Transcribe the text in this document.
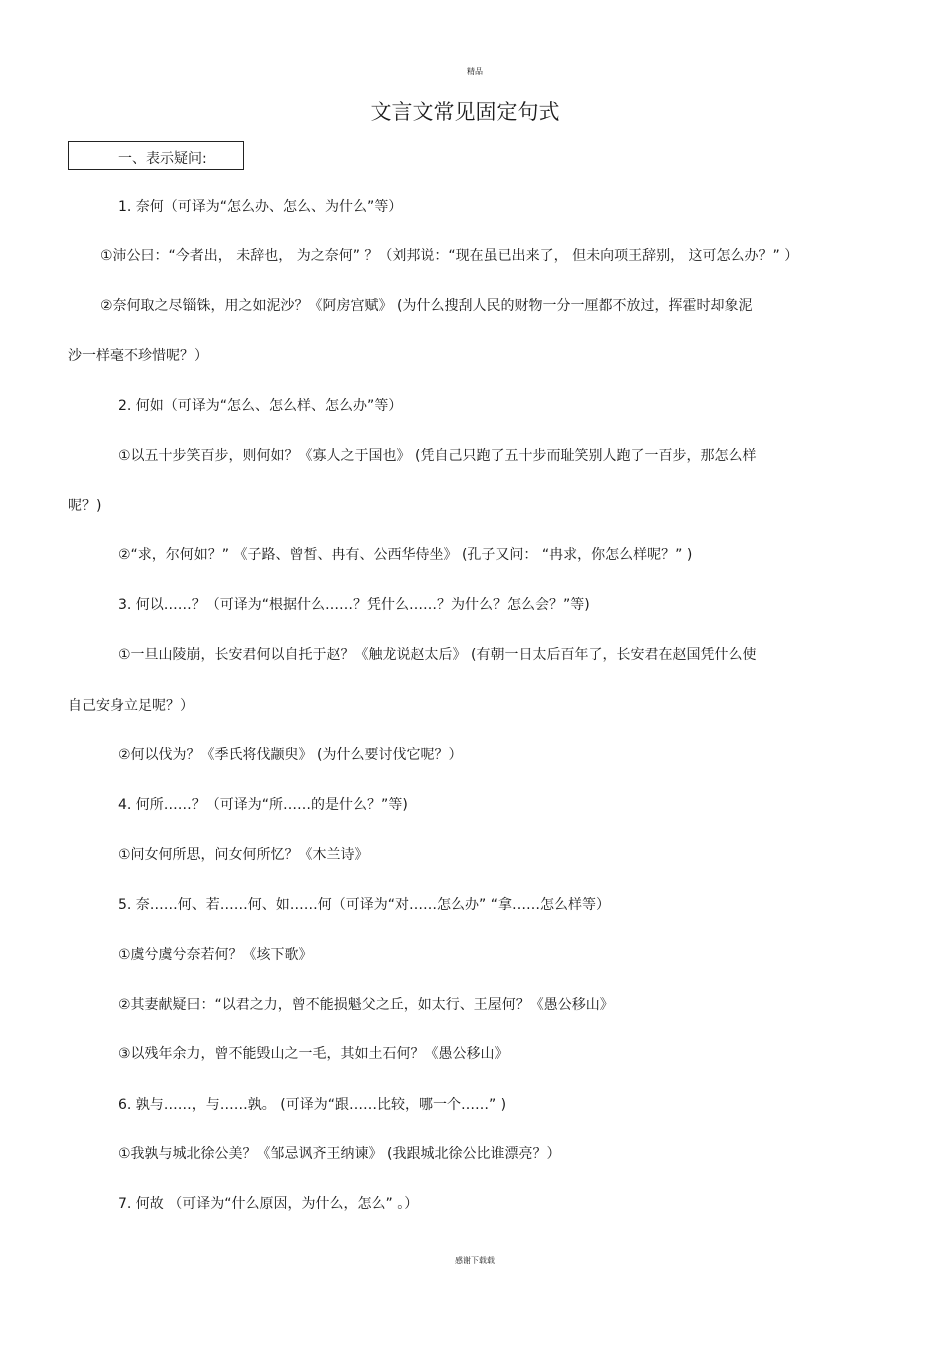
精品
文言文常见固定句式
一、表示疑问:
1. 奈何（可译为“怎么办、怎么、为什么”等）
①沛公曰：“今者出， 未辞也， 为之奈何” ？（刘邦说：“现在虽已出来了， 但未向项王辞别， 这可怎么办？” ）
②奈何取之尽锱铢，用之如泥沙？《阿房宫赋》 (为什么搜刮人民的财物一分一厘都不放过，挥霍时却象泥
沙一样毫不珍惜呢？）
2. 何如（可译为“怎么、怎么样、怎么办”等）
①以五十步笑百步，则何如？《寡人之于国也》 (凭自己只跑了五十步而耻笑别人跑了一百步，那怎么样
呢？)
②“求，尔何如？” 《子路、曾皙、冉有、公西华侍坐》 (孔子又问： “冉求，你怎么样呢？” )
3. 何以……？（可译为“根据什么……？凭什么……？为什么？怎么会？”等)
①一旦山陵崩，长安君何以自托于赵？《触龙说赵太后》 (有朝一日太后百年了，长安君在赵国凭什么使
自己安身立足呢？）
②何以伐为？《季氏将伐颛臾》 (为什么要讨伐它呢？）
4. 何所……？（可译为“所……的是什么？”等)
①问女何所思，问女何所忆？《木兰诗》
5. 奈……何、若……何、如……何（可译为“对……怎么办” “拿……怎么样等）
①虞兮虞兮奈若何？《垓下歌》
②其妻献疑曰：“以君之力，曾不能损魁父之丘，如太行、王屋何？《愚公移山》
③以残年余力，曾不能毁山之一毛，其如土石何？《愚公移山》
6. 孰与……，与……孰。 (可译为“跟……比较，哪一个……” )
①我孰与城北徐公美？《邹忌讽齐王纳谏》 (我跟城北徐公比谁漂亮？）
7. 何故 （可译为“什么原因，为什么，怎么” 。）
感谢下载载
